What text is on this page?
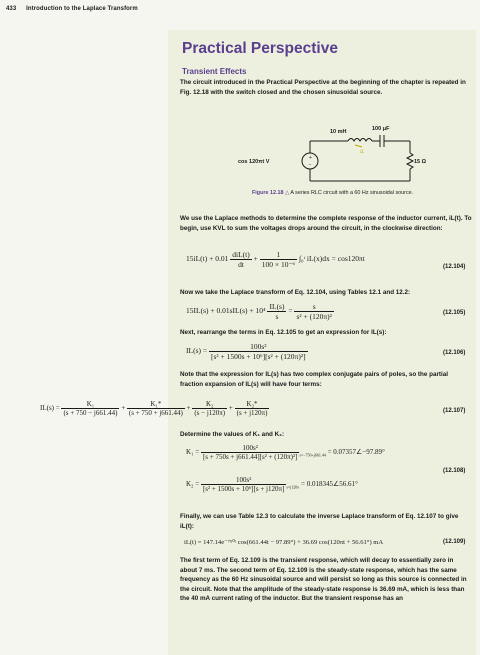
433 Introduction to the Laplace Transform
Practical Perspective
Transient Effects
The circuit introduced in the Practical Perspective at the beginning of the chapter is repeated in Fig. 12.18 with the switch closed and the chosen sinusoidal source.
+
−
10 mH	100 μF
15 Ω
cos 120πt V
iL
Figure 12.18 △ A series RLC circuit with a 60 Hz sinusoidal source.
We use the Laplace methods to determine the complete response of the inductor current, iL(t). To begin, use KVL to sum the voltages drops around the circuit, in the clockwise direction:
$15iL(t) + 0.01 \frac{\text{diL(t)}}{dt} + \frac{1}{\text{100 × 10⁻⁶}}$ ∫₀ᵗ iL(x)dx = cos120πt
(12.104)
Now we take the Laplace transform of Eq. 12.104, using Tables 12.1 and 12.2:
$15IL(s) + 0.01sIL(s) + 10^4 \frac{IL(s)}{s} = \frac{s}{\text{s² + (120π)²}}$	(12.105)
Next, rearrange the terms in Eq. 12.105 to get an expression for IL(s):
$IL(s) = \frac{\text{100s²}}{\text{[s² + 1500s + 10⁶][s² + (120π)²]}}$	(12.106)
Note that the expression for IL(s) has two complex conjugate pairs of poles, so the partial fraction expansion of IL(s) will have four terms:
$IL(s) = \frac{\text{K₁}}{(s + 750 - j661.44)} + \frac{\text{K₁*}}{(s + 750 + j661.44)} + \frac{\text{K₂}}{(s - j120\pi)} + \frac{\text{K₂*}}{(s + j120\pi)}$	(12.107)
Determine the values of K₁ and K₂:
$K_1 = \frac{\text{100s²}}{\text{[s + 750s + j661.44][s² + (120π)²]}} _{s=-750+j661.44}$ = 0.07357∠−97.89°
(12.108)
$K_2 = \frac{\text{100s²}}{\text{[s² + 1500s + 10⁶][s + j120π]}} _{s=j120\pi}$ = 0.018345∠56.61°
Finally, we can use Table 12.3 to calculate the inverse Laplace transform of Eq. 12.107 to give iL(t):
iL(t) = 147.14e⁻⁷⁵⁰ᵗ cos(661.44t − 97.89°) + 36.69 cos(120πt + 56.61°) mA	(12.109)
The first term of Eq. 12.109 is the transient response, which will decay to essentially zero in about 7 ms. The second term of Eq. 12.109 is the steady-state response, which has the same frequency as the 60 Hz sinusoidal source and will persist so long as this source is connected in the circuit. Note that the amplitude of the steady-state response is 36.69 mA, which is less than the 40 mA current rating of the inductor. But the transient response has an
